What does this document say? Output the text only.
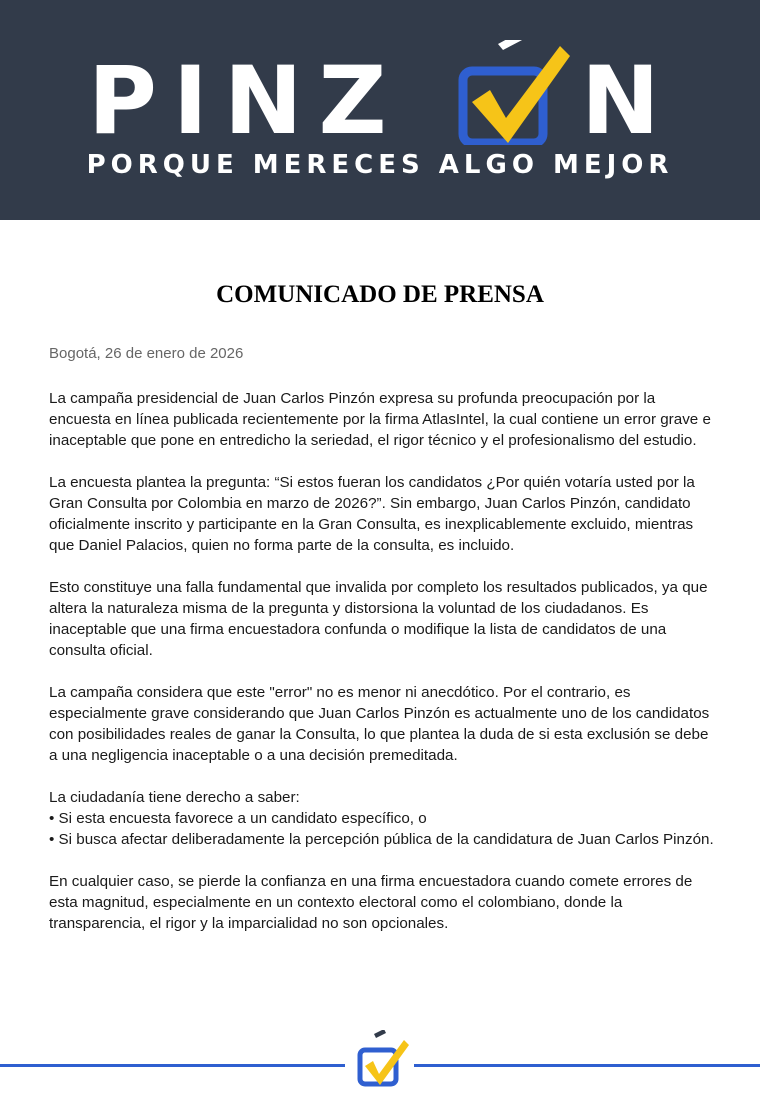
PINZ N
PORQUE MERECES ALGO MEJOR
COMUNICADO DE PRENSA
Bogotá, 26 de enero de 2026

La campaña presidencial de Juan Carlos Pinzón expresa su profunda preocupación por la encuesta en línea publicada recientemente por la firma AtlasIntel, la cual contiene un error grave e inaceptable que pone en entredicho la seriedad, el rigor técnico y el profesionalismo del estudio.

La encuesta plantea la pregunta: “Si estos fueran los candidatos ¿Por quién votaría usted por la Gran Consulta por Colombia en marzo de 2026?”. Sin embargo, Juan Carlos Pinzón, candidato oficialmente inscrito y participante en la Gran Consulta, es inexplicablemente excluido, mientras que Daniel Palacios, quien no forma parte de la consulta, es incluido.

Esto constituye una falla fundamental que invalida por completo los resultados publicados, ya que altera la naturaleza misma de la pregunta y distorsiona la voluntad de los ciudadanos. Es inaceptable que una firma encuestadora confunda o modifique la lista de candidatos de una consulta oficial.

La campaña considera que este "error" no es menor ni anecdótico. Por el contrario, es especialmente grave considerando que Juan Carlos Pinzón es actualmente uno de los candidatos con posibilidades reales de ganar la Consulta, lo que plantea la duda de si esta exclusión se debe a una negligencia inaceptable o a una decisión premeditada.

La ciudadanía tiene derecho a saber:

• Si esta encuesta favorece a un candidato específico, o
• Si busca afectar deliberadamente la percepción pública de la candidatura de Juan Carlos Pinzón.

En cualquier caso, se pierde la confianza en una firma encuestadora cuando comete errores de esta magnitud, especialmente en un contexto electoral como el colombiano, donde la transparencia, el rigor y la imparcialidad no son opcionales.
